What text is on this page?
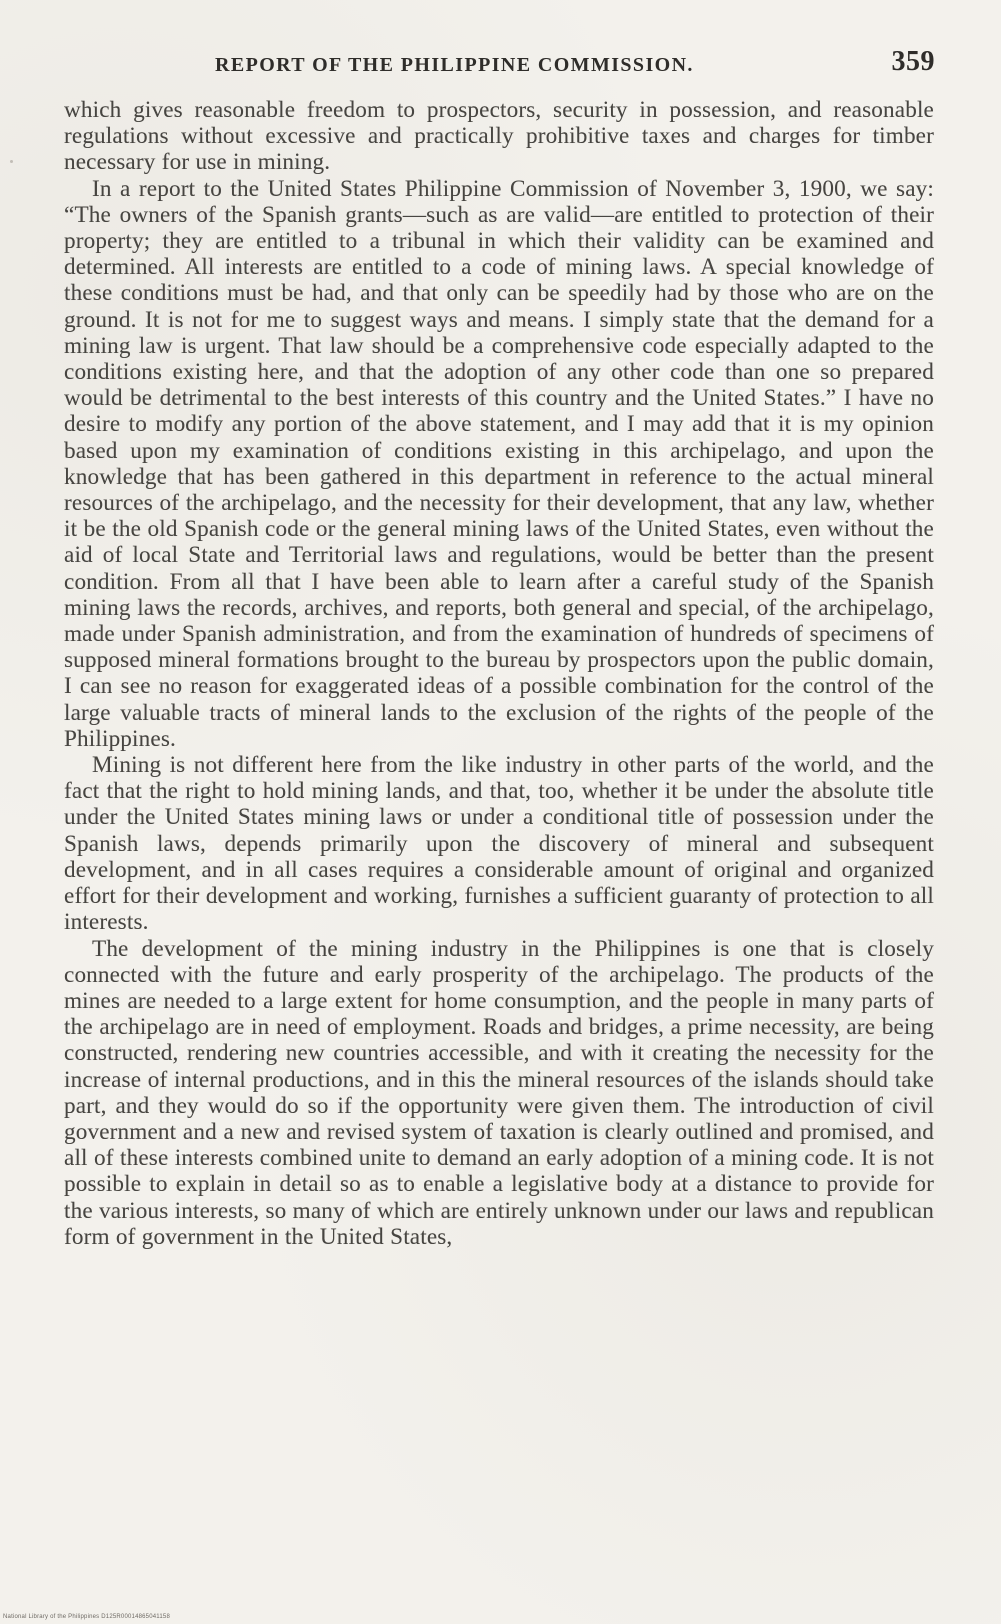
REPORT OF THE PHILIPPINE COMMISSION.	359

which gives reasonable freedom to prospectors, security in possession, and reasonable regulations without excessive and practically prohibitive taxes and charges for timber necessary for use in mining.

In a report to the United States Philippine Commission of November 3, 1900, we say: “The owners of the Spanish grants—such as are valid—are entitled to protection of their property; they are entitled to a tribunal in which their validity can be examined and determined. All interests are entitled to a code of mining laws. A special knowledge of these conditions must be had, and that only can be speedily had by those who are on the ground. It is not for me to suggest ways and means. I simply state that the demand for a mining law is urgent. That law should be a comprehensive code especially adapted to the conditions existing here, and that the adoption of any other code than one so prepared would be detrimental to the best interests of this country and the United States.” I have no desire to modify any portion of the above statement, and I may add that it is my opinion based upon my examination of conditions existing in this archipelago, and upon the knowledge that has been gathered in this department in reference to the actual mineral resources of the archipelago, and the necessity for their development, that any law, whether it be the old Spanish code or the general mining laws of the United States, even without the aid of local State and Territorial laws and regulations, would be better than the present condition. From all that I have been able to learn after a careful study of the Spanish mining laws the records, archives, and reports, both general and special, of the archipelago, made under Spanish administration, and from the examination of hundreds of specimens of supposed mineral formations brought to the bureau by prospectors upon the public domain, I can see no reason for exaggerated ideas of a possible combination for the control of the large valuable tracts of mineral lands to the exclusion of the rights of the people of the Philippines.

Mining is not different here from the like industry in other parts of the world, and the fact that the right to hold mining lands, and that, too, whether it be under the absolute title under the United States mining laws or under a conditional title of possession under the Spanish laws, depends primarily upon the discovery of mineral and subsequent development, and in all cases requires a considerable amount of original and organized effort for their development and working, furnishes a sufficient guaranty of protection to all interests.

The development of the mining industry in the Philippines is one that is closely connected with the future and early prosperity of the archipelago. The products of the mines are needed to a large extent for home consumption, and the people in many parts of the archipelago are in need of employment. Roads and bridges, a prime necessity, are being constructed, rendering new countries accessible, and with it creating the necessity for the increase of internal productions, and in this the mineral resources of the islands should take part, and they would do so if the opportunity were given them. The introduction of civil government and a new and revised system of taxation is clearly outlined and promised, and all of these interests combined unite to demand an early adoption of a mining code. It is not possible to explain in detail so as to enable a legislative body at a distance to provide for the various interests, so many of which are entirely unknown under our laws and republican form of government in the United States,

National Library of the Philippines D125R00014865041158
